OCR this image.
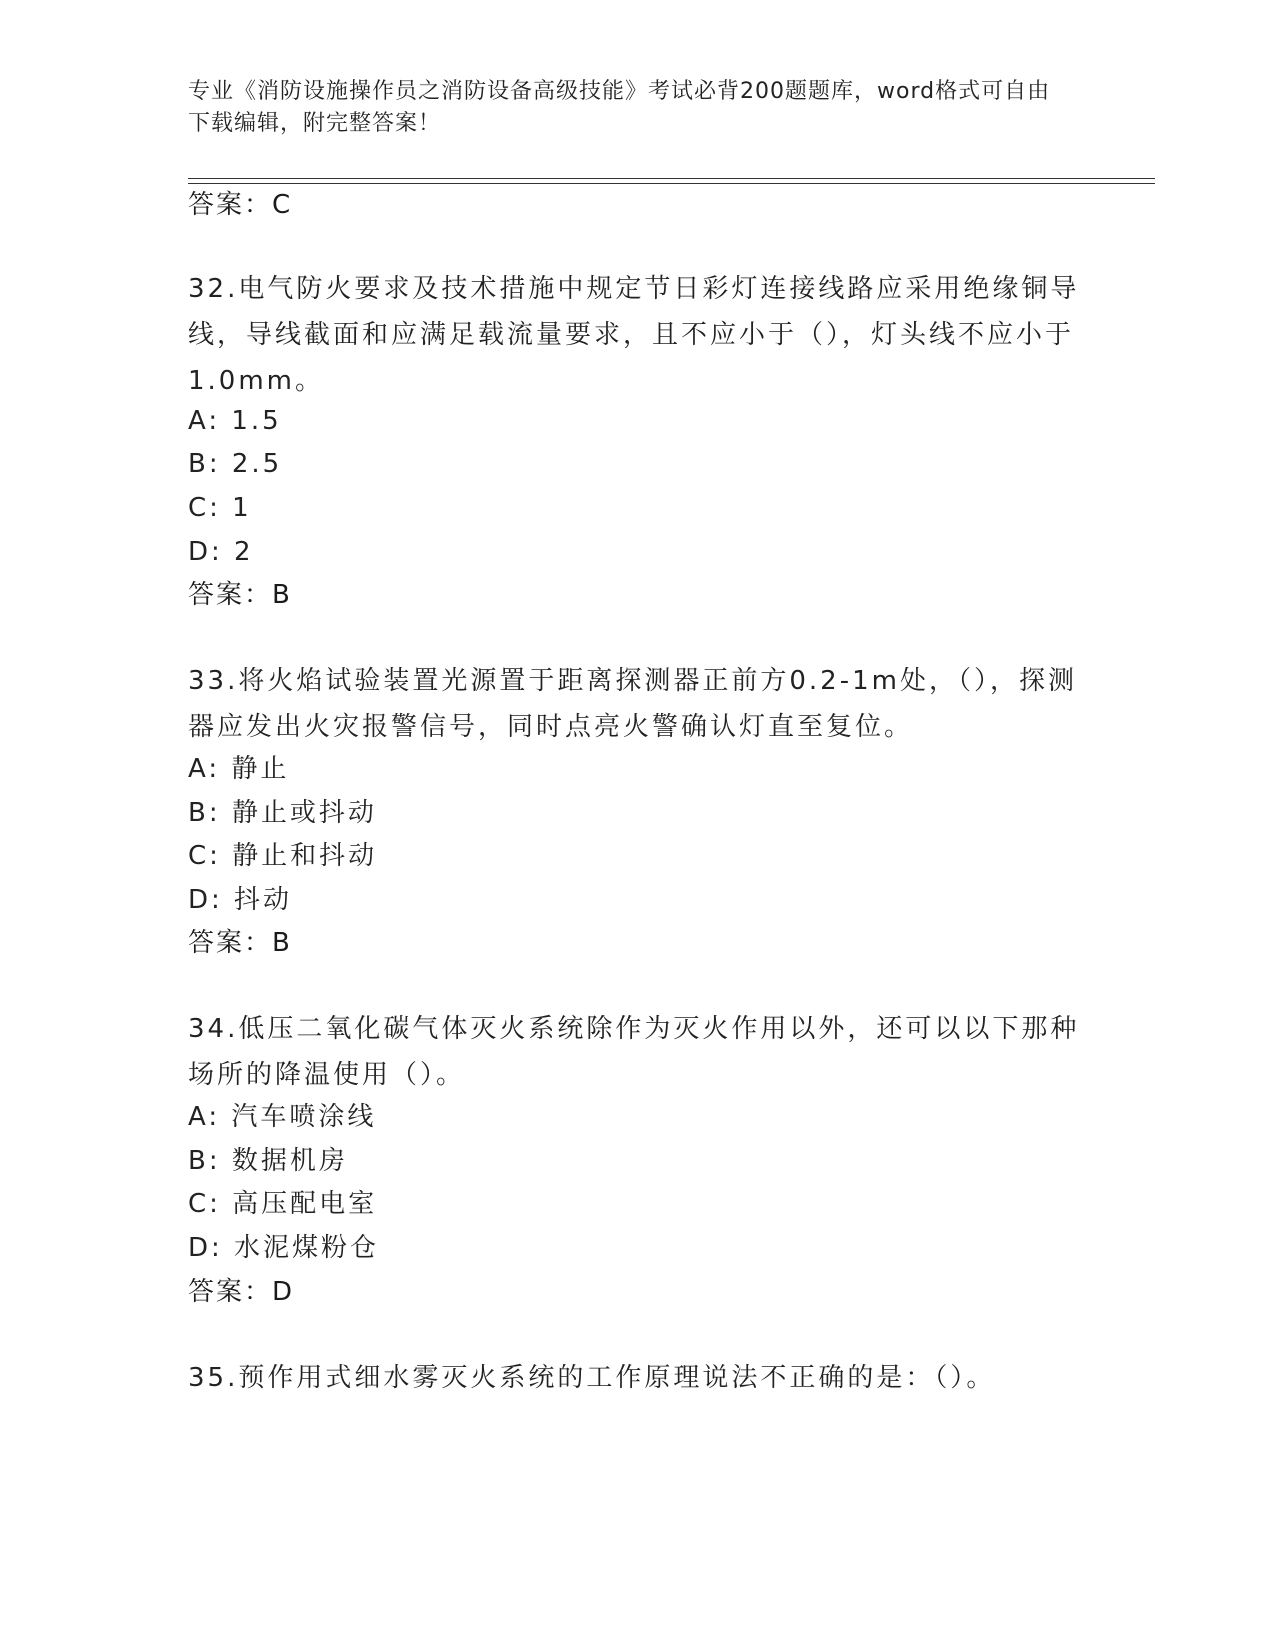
专业《消防设施操作员之消防设备高级技能》考试必背200题题库，word格式可自由下载编辑，附完整答案！
答案：C
32.电气防火要求及技术措施中规定节日彩灯连接线路应采用绝缘铜导线，导线截面和应满足载流量要求，且不应小于（），灯头线不应小于1.0mm。
A: 1.5
B: 2.5
C: 1
D: 2
答案：B
33.将火焰试验装置光源置于距离探测器正前方0.2-1m处，（），探测器应发出火灾报警信号，同时点亮火警确认灯直至复位。
A: 静止
B: 静止或抖动
C: 静止和抖动
D: 抖动
答案：B
34.低压二氧化碳气体灭火系统除作为灭火作用以外，还可以以下那种场所的降温使用（）。
A: 汽车喷涂线
B: 数据机房
C: 高压配电室
D: 水泥煤粉仓
答案：D
35.预作用式细水雾灭火系统的工作原理说法不正确的是：（）。
